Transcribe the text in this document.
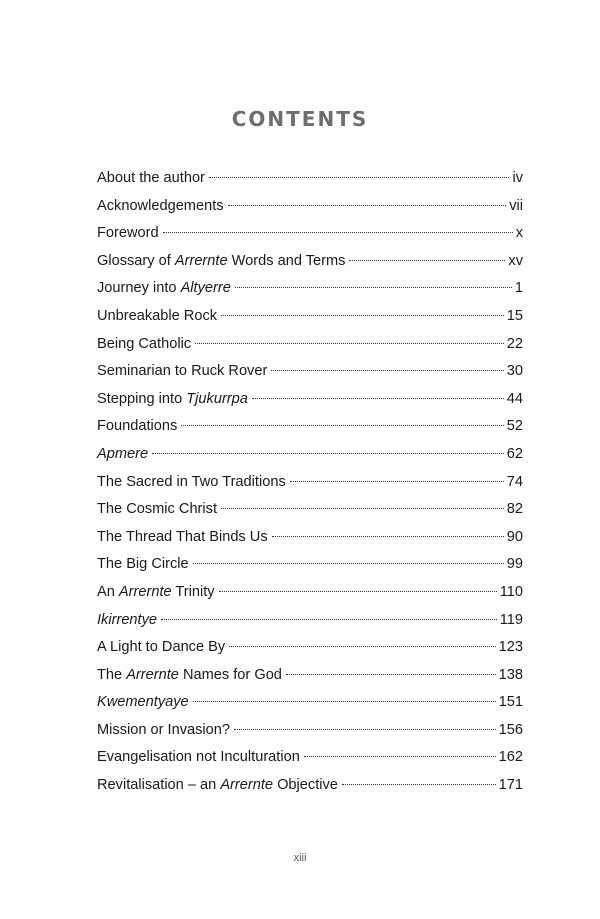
CONTENTS
About the author	iv
Acknowledgements	vii
Foreword	x
Glossary of Arrernte Words and Terms	xv
Journey into Altyerre	1
Unbreakable Rock	15
Being Catholic	22
Seminarian to Ruck Rover	30
Stepping into Tjukurrpa	44
Foundations	52
Apmere	62
The Sacred in Two Traditions	74
The Cosmic Christ	82
The Thread That Binds Us	90
The Big Circle	99
An Arrernte Trinity	110
Ikirrentye	119
A Light to Dance By	123
The Arrernte Names for God	138
Kwementyaye	151
Mission or Invasion?	156
Evangelisation not Inculturation	162
Revitalisation – an Arrernte Objective	171
xiii
